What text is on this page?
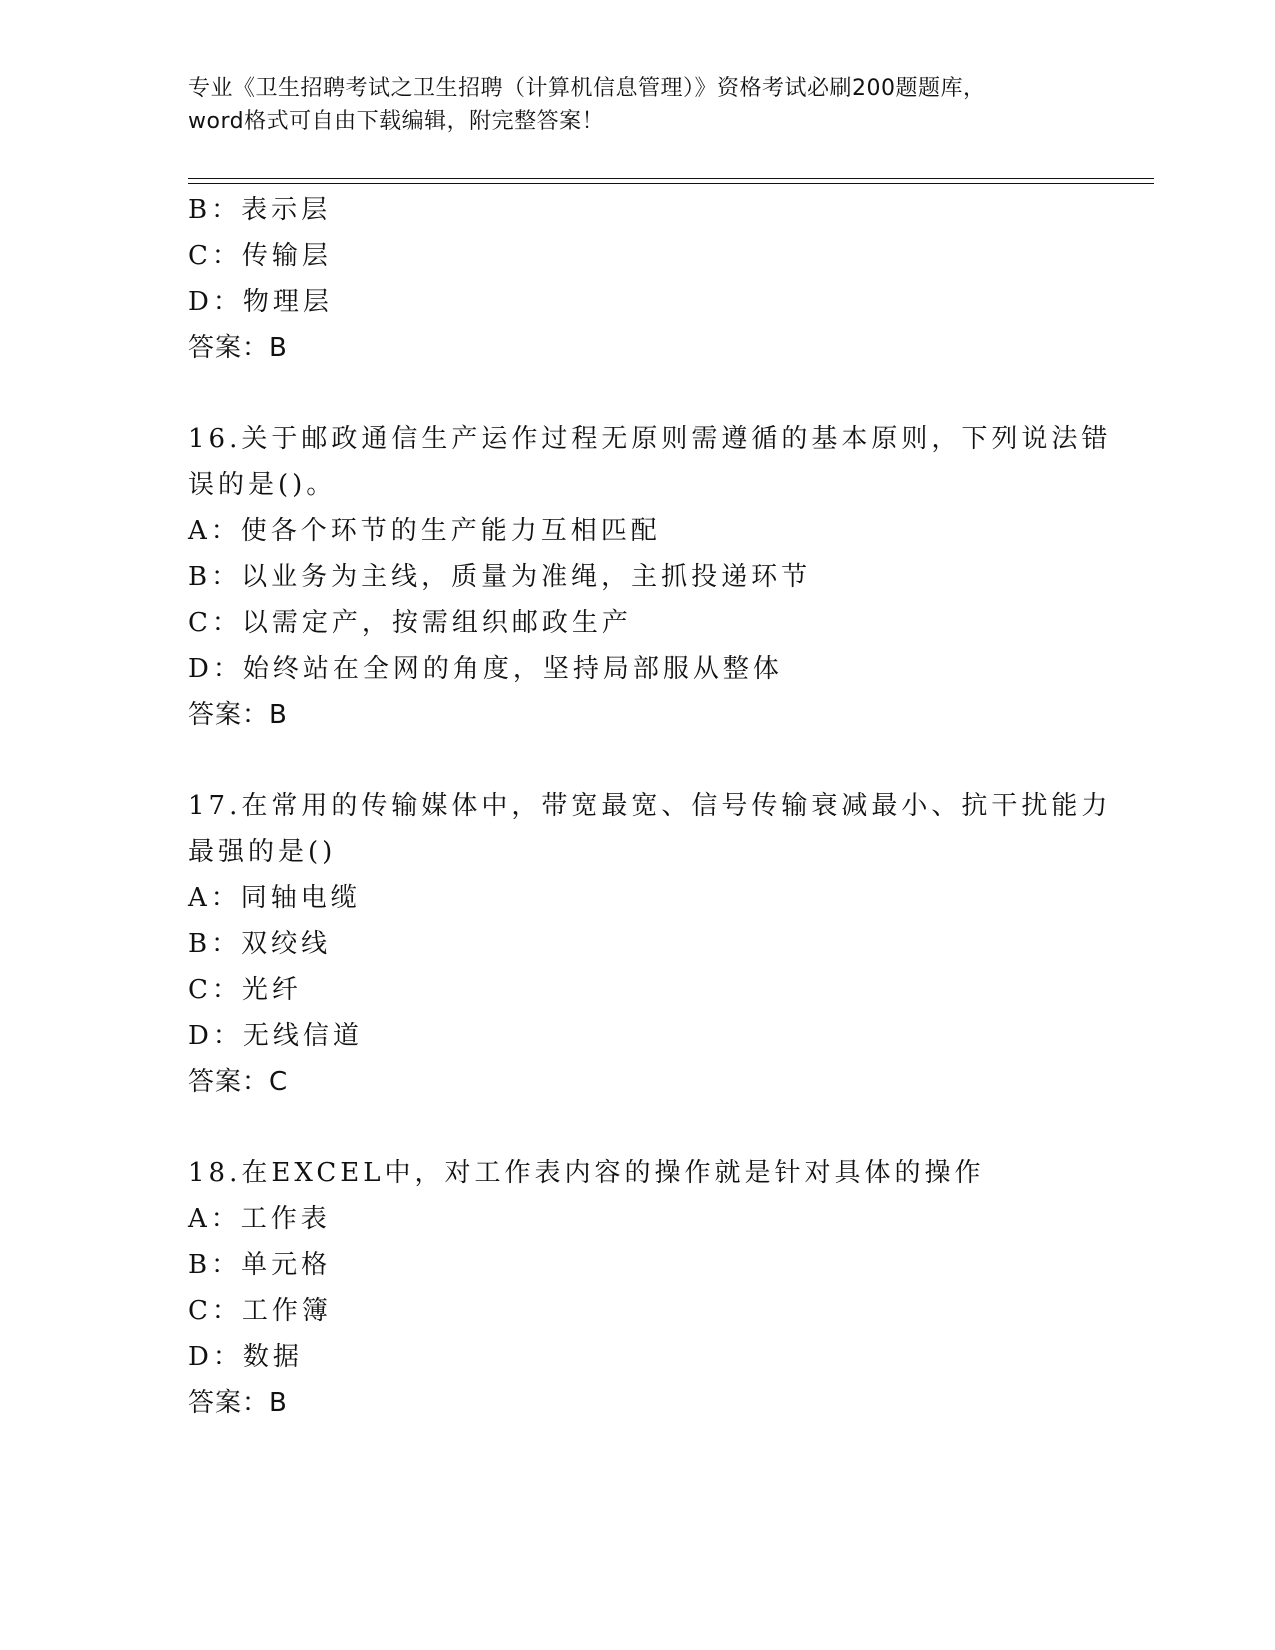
专业《卫生招聘考试之卫生招聘（计算机信息管理）》资格考试必刷200题题库，
word格式可自由下载编辑，附完整答案！
B：表示层
C：传输层
D：物理层
答案：B
16.关于邮政通信生产运作过程无原则需遵循的基本原则，下列说法错
误的是()。
A：使各个环节的生产能力互相匹配
B：以业务为主线，质量为准绳，主抓投递环节
C：以需定产，按需组织邮政生产
D：始终站在全网的角度，坚持局部服从整体
答案：B
17.在常用的传输媒体中，带宽最宽、信号传输衰减最小、抗干扰能力
最强的是()
A：同轴电缆
B：双绞线
C：光纤
D：无线信道
答案：C
18.在EXCEL中，对工作表内容的操作就是针对具体的操作
A：工作表
B：单元格
C：工作簿
D：数据
答案：B
